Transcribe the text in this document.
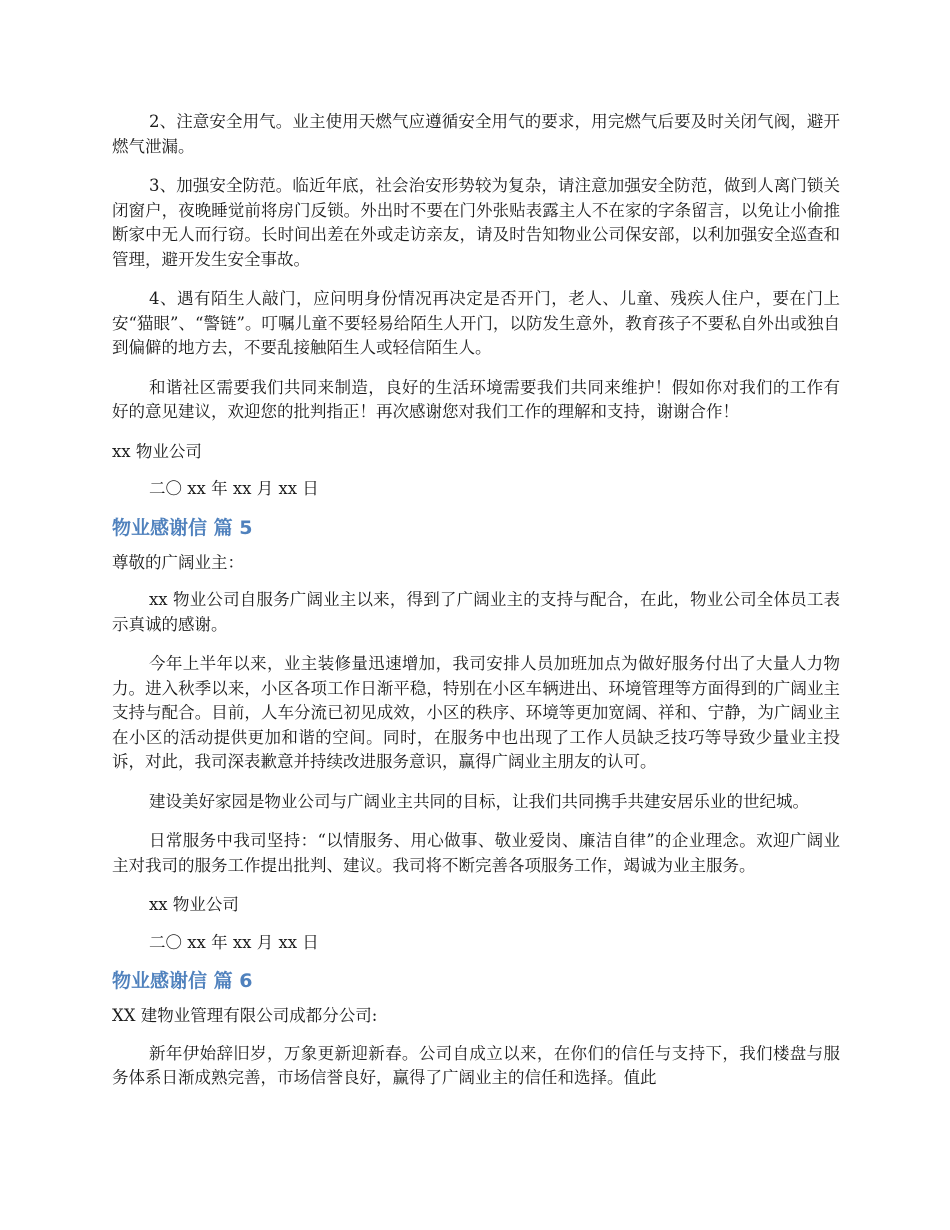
2、注意安全用气。业主使用天燃气应遵循安全用气的要求，用完燃气后要及时关闭气阀，避开燃气泄漏。

3、加强安全防范。临近年底，社会治安形势较为复杂，请注意加强安全防范，做到人离门锁关闭窗户，夜晚睡觉前将房门反锁。外出时不要在门外张贴表露主人不在家的字条留言，以免让小偷推断家中无人而行窃。长时间出差在外或走访亲友，请及时告知物业公司保安部，以利加强安全巡查和管理，避开发生安全事故。

4、遇有陌生人敲门，应问明身份情况再决定是否开门，老人、儿童、残疾人住户，要在门上安“猫眼”、“警链”。叮嘱儿童不要轻易给陌生人开门，以防发生意外，教育孩子不要私自外出或独自到偏僻的地方去，不要乱接触陌生人或轻信陌生人。

和谐社区需要我们共同来制造，良好的生活环境需要我们共同来维护！假如你对我们的工作有好的意见建议，欢迎您的批判指正！再次感谢您对我们工作的理解和支持，谢谢合作！

xx 物业公司

二〇 xx 年 xx 月 xx 日

物业感谢信 篇 5

尊敬的广阔业主：

xx 物业公司自服务广阔业主以来，得到了广阔业主的支持与配合，在此，物业公司全体员工表示真诚的感谢。

今年上半年以来，业主装修量迅速增加，我司安排人员加班加点为做好服务付出了大量人力物力。进入秋季以来，小区各项工作日渐平稳，特别在小区车辆进出、环境管理等方面得到的广阔业主支持与配合。目前，人车分流已初见成效，小区的秩序、环境等更加宽阔、祥和、宁静，为广阔业主在小区的活动提供更加和谐的空间。同时，在服务中也出现了工作人员缺乏技巧等导致少量业主投诉，对此，我司深表歉意并持续改进服务意识，赢得广阔业主朋友的认可。

建设美好家园是物业公司与广阔业主共同的目标，让我们共同携手共建安居乐业的世纪城。

日常服务中我司坚持：“以情服务、用心做事、敬业爱岗、廉洁自律”的企业理念。欢迎广阔业主对我司的服务工作提出批判、建议。我司将不断完善各项服务工作，竭诚为业主服务。

xx 物业公司

二〇 xx 年 xx 月 xx 日

物业感谢信 篇 6

XX 建物业管理有限公司成都分公司:

新年伊始辞旧岁，万象更新迎新春。公司自成立以来，在你们的信任与支持下，我们楼盘与服务体系日渐成熟完善，市场信誉良好，赢得了广阔业主的信任和选择。值此
